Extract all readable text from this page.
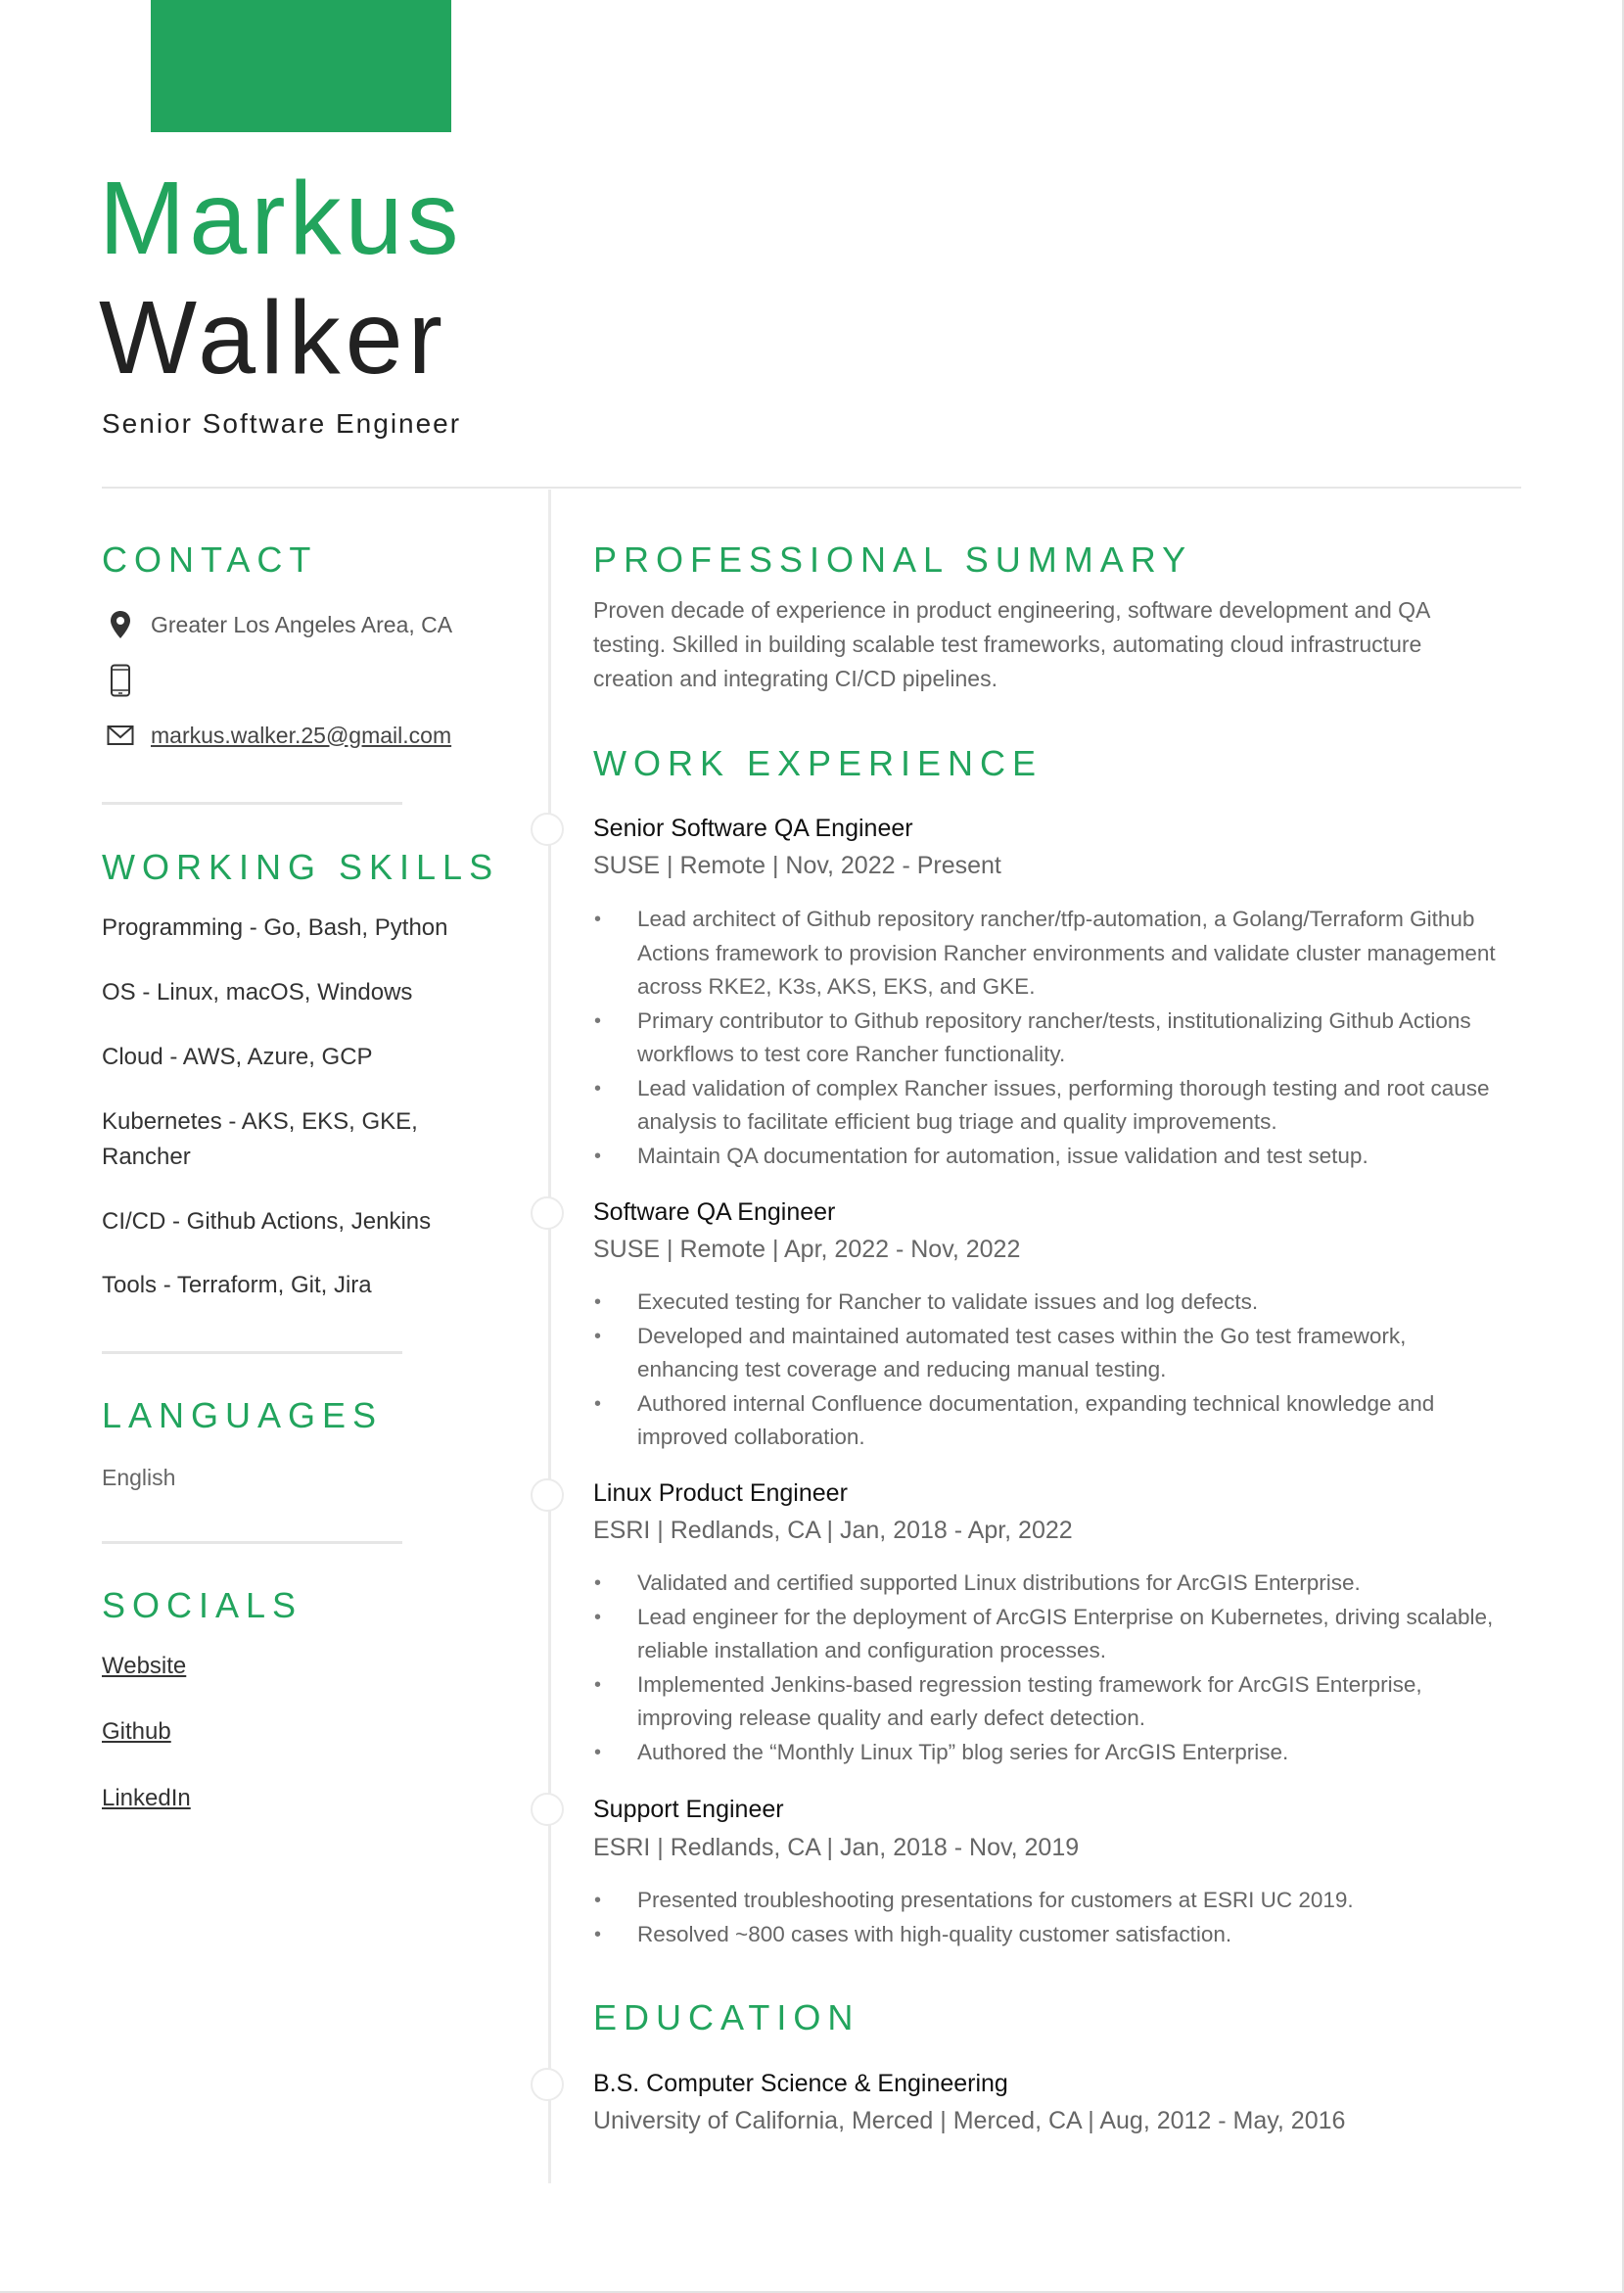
Markus
Walker
Senior Software Engineer
CONTACT
Greater Los Angeles Area, CA
markus.walker.25@gmail.com
WORKING SKILLS
Programming - Go, Bash, Python
OS - Linux, macOS, Windows
Cloud - AWS, Azure, GCP
Kubernetes - AKS, EKS, GKE, Rancher
CI/CD - Github Actions, Jenkins
Tools - Terraform, Git, Jira
LANGUAGES
English
SOCIALS
Website
Github
LinkedIn
PROFESSIONAL SUMMARY

Proven decade of experience in product engineering, software development and QA testing. Skilled in building scalable test frameworks, automating cloud infrastructure creation and integrating CI/CD pipelines.

WORK EXPERIENCE
Senior Software QA Engineer
SUSE | Remote | Nov, 2022 - Present
• Lead architect of Github repository rancher/tfp-automation, a Golang/Terraform Github Actions framework to provision Rancher environments and validate cluster management across RKE2, K3s, AKS, EKS, and GKE.
• Primary contributor to Github repository rancher/tests, institutionalizing Github Actions workflows to test core Rancher functionality.
• Lead validation of complex Rancher issues, performing thorough testing and root cause analysis to facilitate efficient bug triage and quality improvements.
• Maintain QA documentation for automation, issue validation and test setup.
Software QA Engineer
SUSE | Remote | Apr, 2022 - Nov, 2022
• Executed testing for Rancher to validate issues and log defects.
• Developed and maintained automated test cases within the Go test framework, enhancing test coverage and reducing manual testing.
• Authored internal Confluence documentation, expanding technical knowledge and improved collaboration.
Linux Product Engineer
ESRI | Redlands, CA | Jan, 2018 - Apr, 2022
• Validated and certified supported Linux distributions for ArcGIS Enterprise.
• Lead engineer for the deployment of ArcGIS Enterprise on Kubernetes, driving scalable, reliable installation and configuration processes.
• Implemented Jenkins-based regression testing framework for ArcGIS Enterprise, improving release quality and early defect detection.
• Authored the “Monthly Linux Tip” blog series for ArcGIS Enterprise.
Support Engineer
ESRI | Redlands, CA | Jan, 2018 - Nov, 2019
• Presented troubleshooting presentations for customers at ESRI UC 2019.
• Resolved ~800 cases with high-quality customer satisfaction.
EDUCATION
B.S. Computer Science & Engineering
University of California, Merced | Merced, CA | Aug, 2012 - May, 2016
